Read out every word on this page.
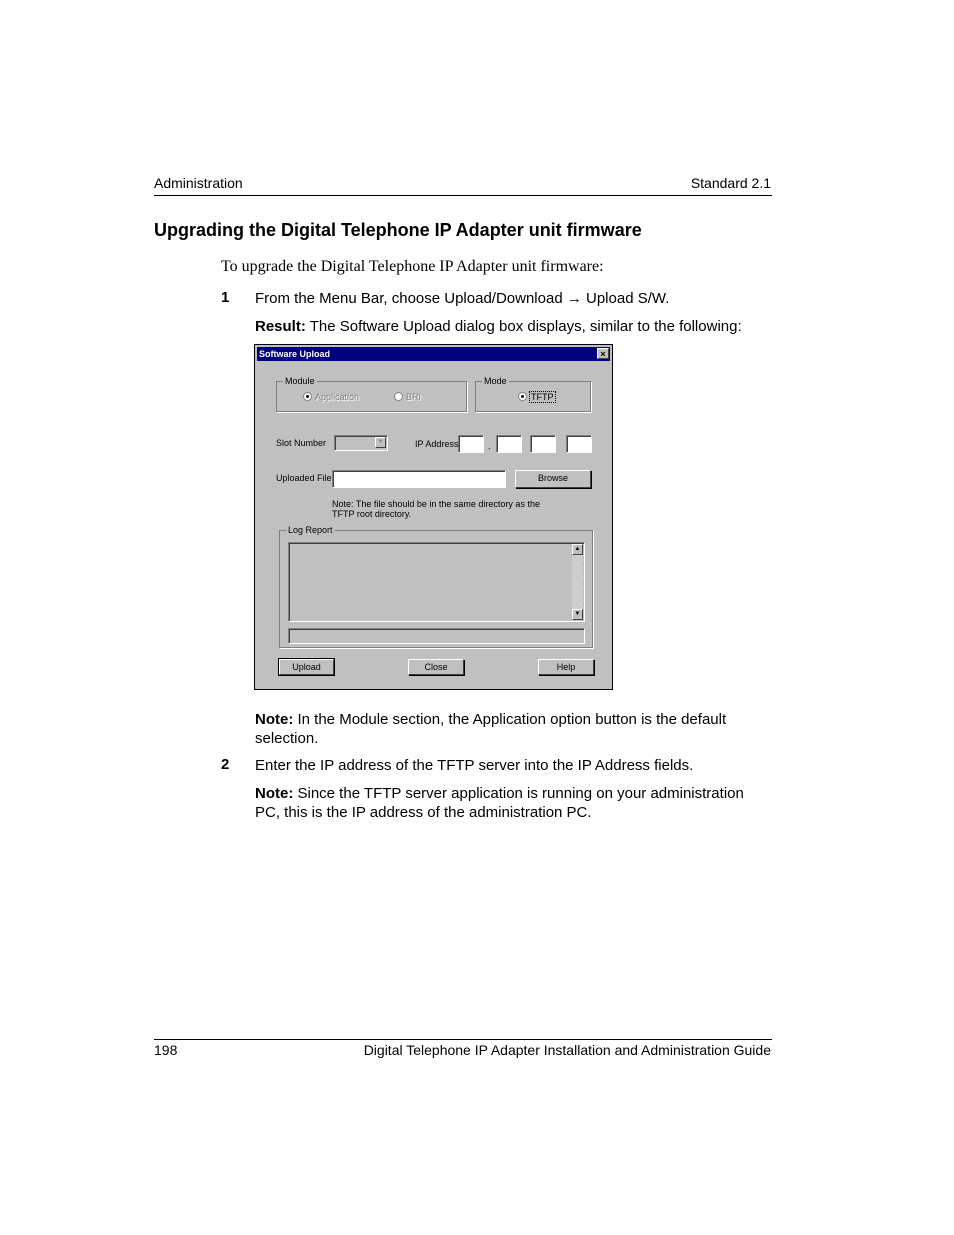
Administration	Standard 2.1
Upgrading the Digital Telephone IP Adapter unit firmware
To upgrade the Digital Telephone IP Adapter unit firmware:
1 From the Menu Bar, choose Upload/Download → Upload S/W.
Result: The Software Upload dialog box displays, similar to the following:
Software Upload	×
Module
Application	BRI
Mode
TFTP
Slot Number	▼	IP Address	.
Uploaded File	Browse
Note: The file should be in the same directory as the TFTP root directory.
Log Report
▲
▼
Upload	Close	Help
Note: In the Module section, the Application option button is the default selection.
2 Enter the IP address of the TFTP server into the IP Address fields.
Note: Since the TFTP server application is running on your administration PC, this is the IP address of the administration PC.
198	Digital Telephone IP Adapter Installation and Administration Guide
